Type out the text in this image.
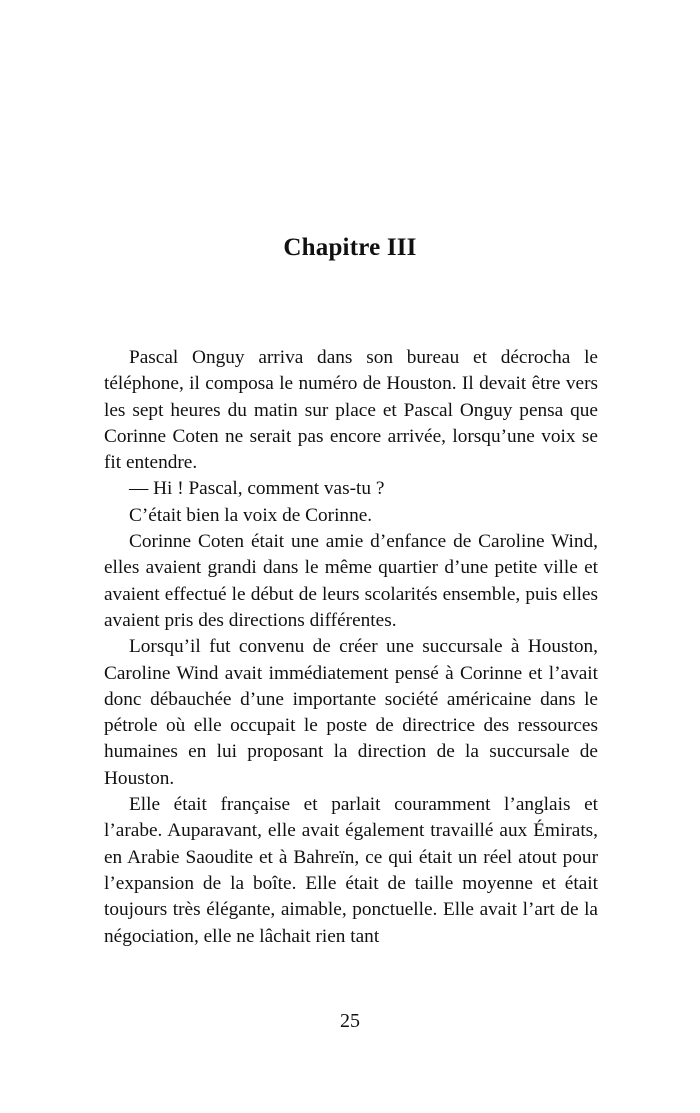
Chapitre III

Pascal Onguy arriva dans son bureau et décrocha le téléphone, il composa le numéro de Houston. Il devait être vers les sept heures du matin sur place et Pascal Onguy pensa que Corinne Coten ne serait pas encore arrivée, lorsqu’une voix se fit entendre.

— Hi ! Pascal, comment vas-tu ?

C’était bien la voix de Corinne.

Corinne Coten était une amie d’enfance de Caroline Wind, elles avaient grandi dans le même quartier d’une petite ville et avaient effectué le début de leurs scolarités ensemble, puis elles avaient pris des directions différentes.

Lorsqu’il fut convenu de créer une succursale à Houston, Caroline Wind avait immédiatement pensé à Corinne et l’avait donc débauchée d’une importante société américaine dans le pétrole où elle occupait le poste de directrice des ressources humaines en lui proposant la direction de la succursale de Houston.

Elle était française et parlait couramment l’anglais et l’arabe. Auparavant, elle avait également travaillé aux Émirats, en Arabie Saoudite et à Bahreïn, ce qui était un réel atout pour l’expansion de la boîte. Elle était de taille moyenne et était toujours très élégante, aimable, ponctuelle. Elle avait l’art de la négociation, elle ne lâchait rien tant

25
